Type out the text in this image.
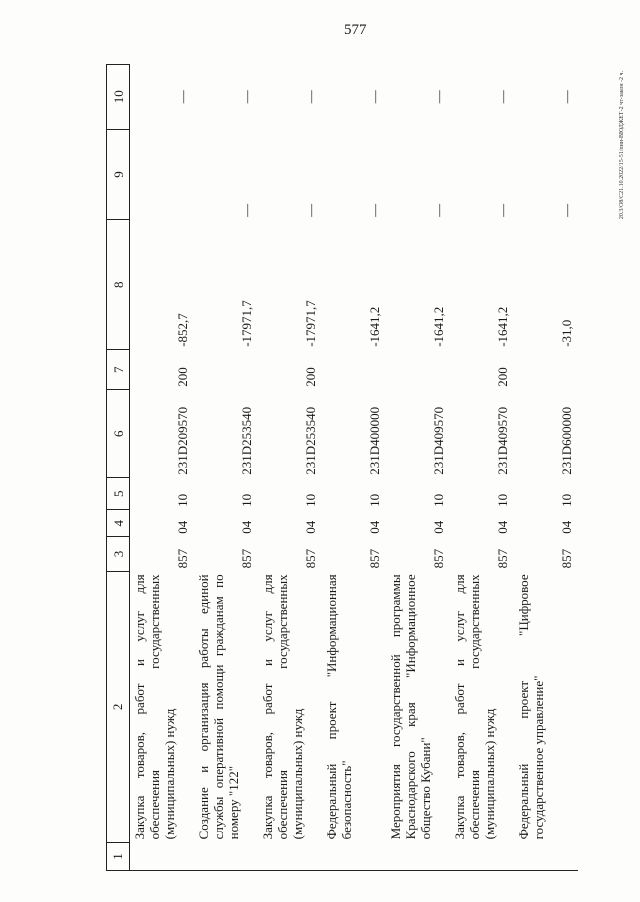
577
20.3/О8/С21.10.2022/15-51/пии-ВЮДЖЕТ-2 чт-закон -2 ч.
1	2	3	4	5	6	7	8	9	10
	Закупка товаров, работ и услуг для обеспечения государственных (муниципальных) нужд	857	04	10	231D209570	200	-852,7		—
	Создание и организация работы единой службы оперативной помощи гражданам по номеру "122"	857	04	10	231D253540		-17971,7	—	—
	Закупка товаров, работ и услуг для обеспечения государственных (муниципальных) нужд	857	04	10	231D253540	200	-17971,7	—	—
	Федеральный проект "Информационная безопасность"	857	04	10	231D400000		-1641,2	—	—
	Мероприятия государственной программы Краснодарского края "Информационное общество Кубани"	857	04	10	231D409570		-1641,2	—	—
	Закупка товаров, работ и услуг для обеспечения государственных (муниципальных) нужд	857	04	10	231D409570	200	-1641,2	—	—
	Федеральный проект "Цифровое государственное управление"	857	04	10	231D600000		-31,0	—	—
